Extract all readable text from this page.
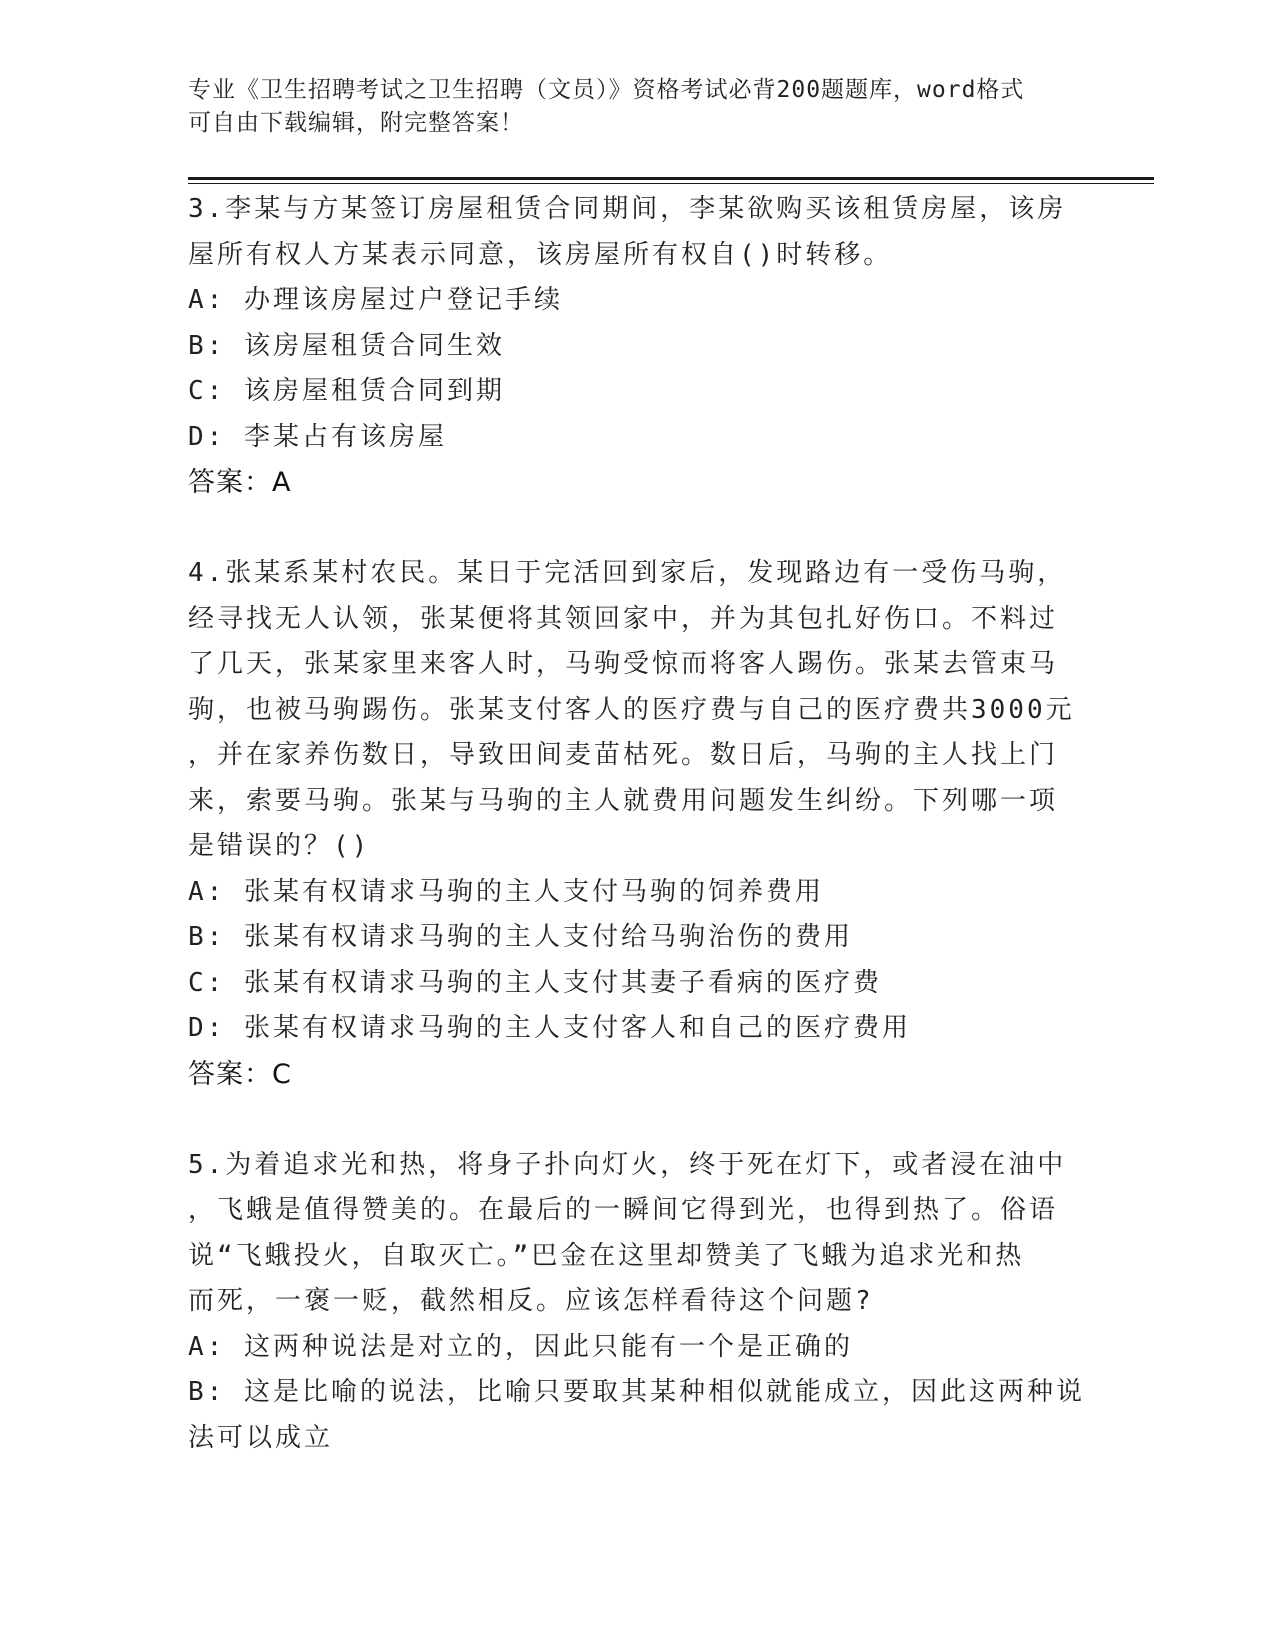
专业《卫生招聘考试之卫生招聘（文员）》资格考试必背200题题库，word格式
可自由下载编辑，附完整答案！
3.李某与方某签订房屋租赁合同期间，李某欲购买该租赁房屋，该房
屋所有权人方某表示同意，该房屋所有权自()时转移。
A: 办理该房屋过户登记手续
B: 该房屋租赁合同生效
C: 该房屋租赁合同到期
D: 李某占有该房屋
答案：A
4.张某系某村农民。某日于完活回到家后，发现路边有一受伤马驹，
经寻找无人认领，张某便将其领回家中，并为其包扎好伤口。不料过
了几天，张某家里来客人时，马驹受惊而将客人踢伤。张某去管束马
驹，也被马驹踢伤。张某支付客人的医疗费与自己的医疗费共3000元
，并在家养伤数日，导致田间麦苗枯死。数日后，马驹的主人找上门
来，索要马驹。张某与马驹的主人就费用问题发生纠纷。下列哪一项
是错误的？()
A: 张某有权请求马驹的主人支付马驹的饲养费用
B: 张某有权请求马驹的主人支付给马驹治伤的费用
C: 张某有权请求马驹的主人支付其妻子看病的医疗费
D: 张某有权请求马驹的主人支付客人和自己的医疗费用
答案：C
5.为着追求光和热，将身子扑向灯火，终于死在灯下，或者浸在油中
，飞蛾是值得赞美的。在最后的一瞬间它得到光，也得到热了。俗语
说“飞蛾投火，自取灭亡。”巴金在这里却赞美了飞蛾为追求光和热
而死，一褒一贬，截然相反。应该怎样看待这个问题?
A: 这两种说法是对立的，因此只能有一个是正确的
B: 这是比喻的说法，比喻只要取其某种相似就能成立，因此这两种说
法可以成立
